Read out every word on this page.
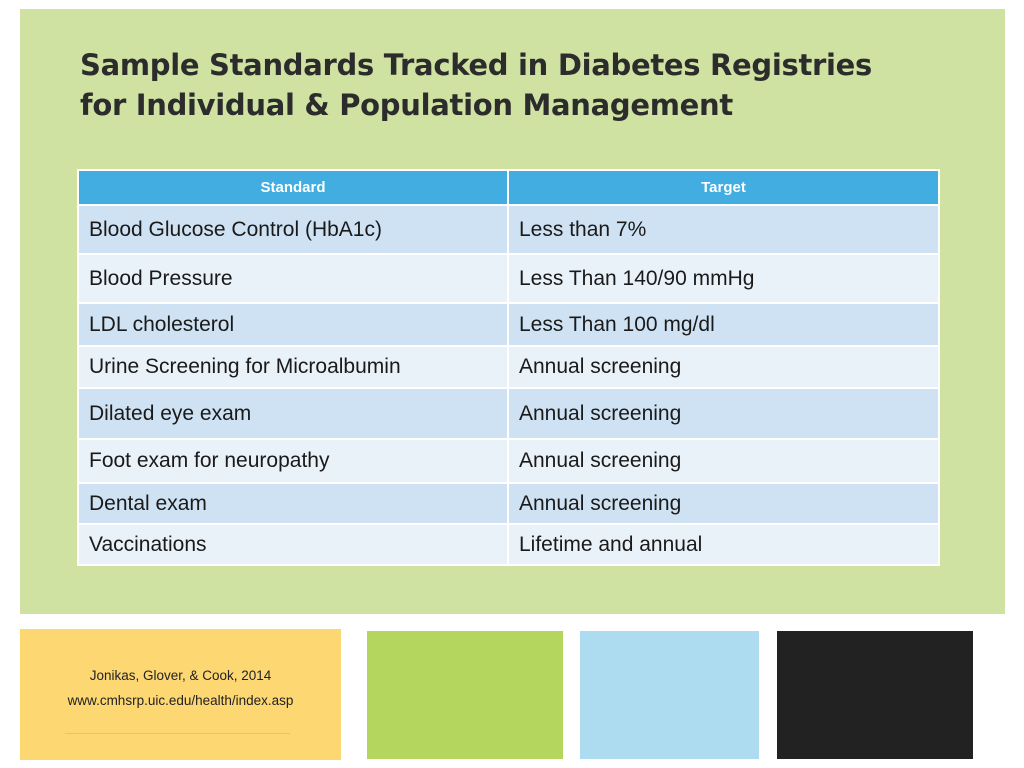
Sample Standards Tracked in Diabetes Registries
for Individual & Population Management
Standard	Target
Blood Glucose Control (HbA1c)	Less than 7%
Blood Pressure	Less Than 140/90 mmHg
LDL cholesterol	Less Than 100 mg/dl
Urine Screening for Microalbumin	Annual screening
Dilated eye exam	Annual screening
Foot exam for neuropathy	Annual screening
Dental exam	Annual screening
Vaccinations	Lifetime and annual
Jonikas, Glover, & Cook, 2014
www.cmhsrp.uic.edu/health/index.asp
